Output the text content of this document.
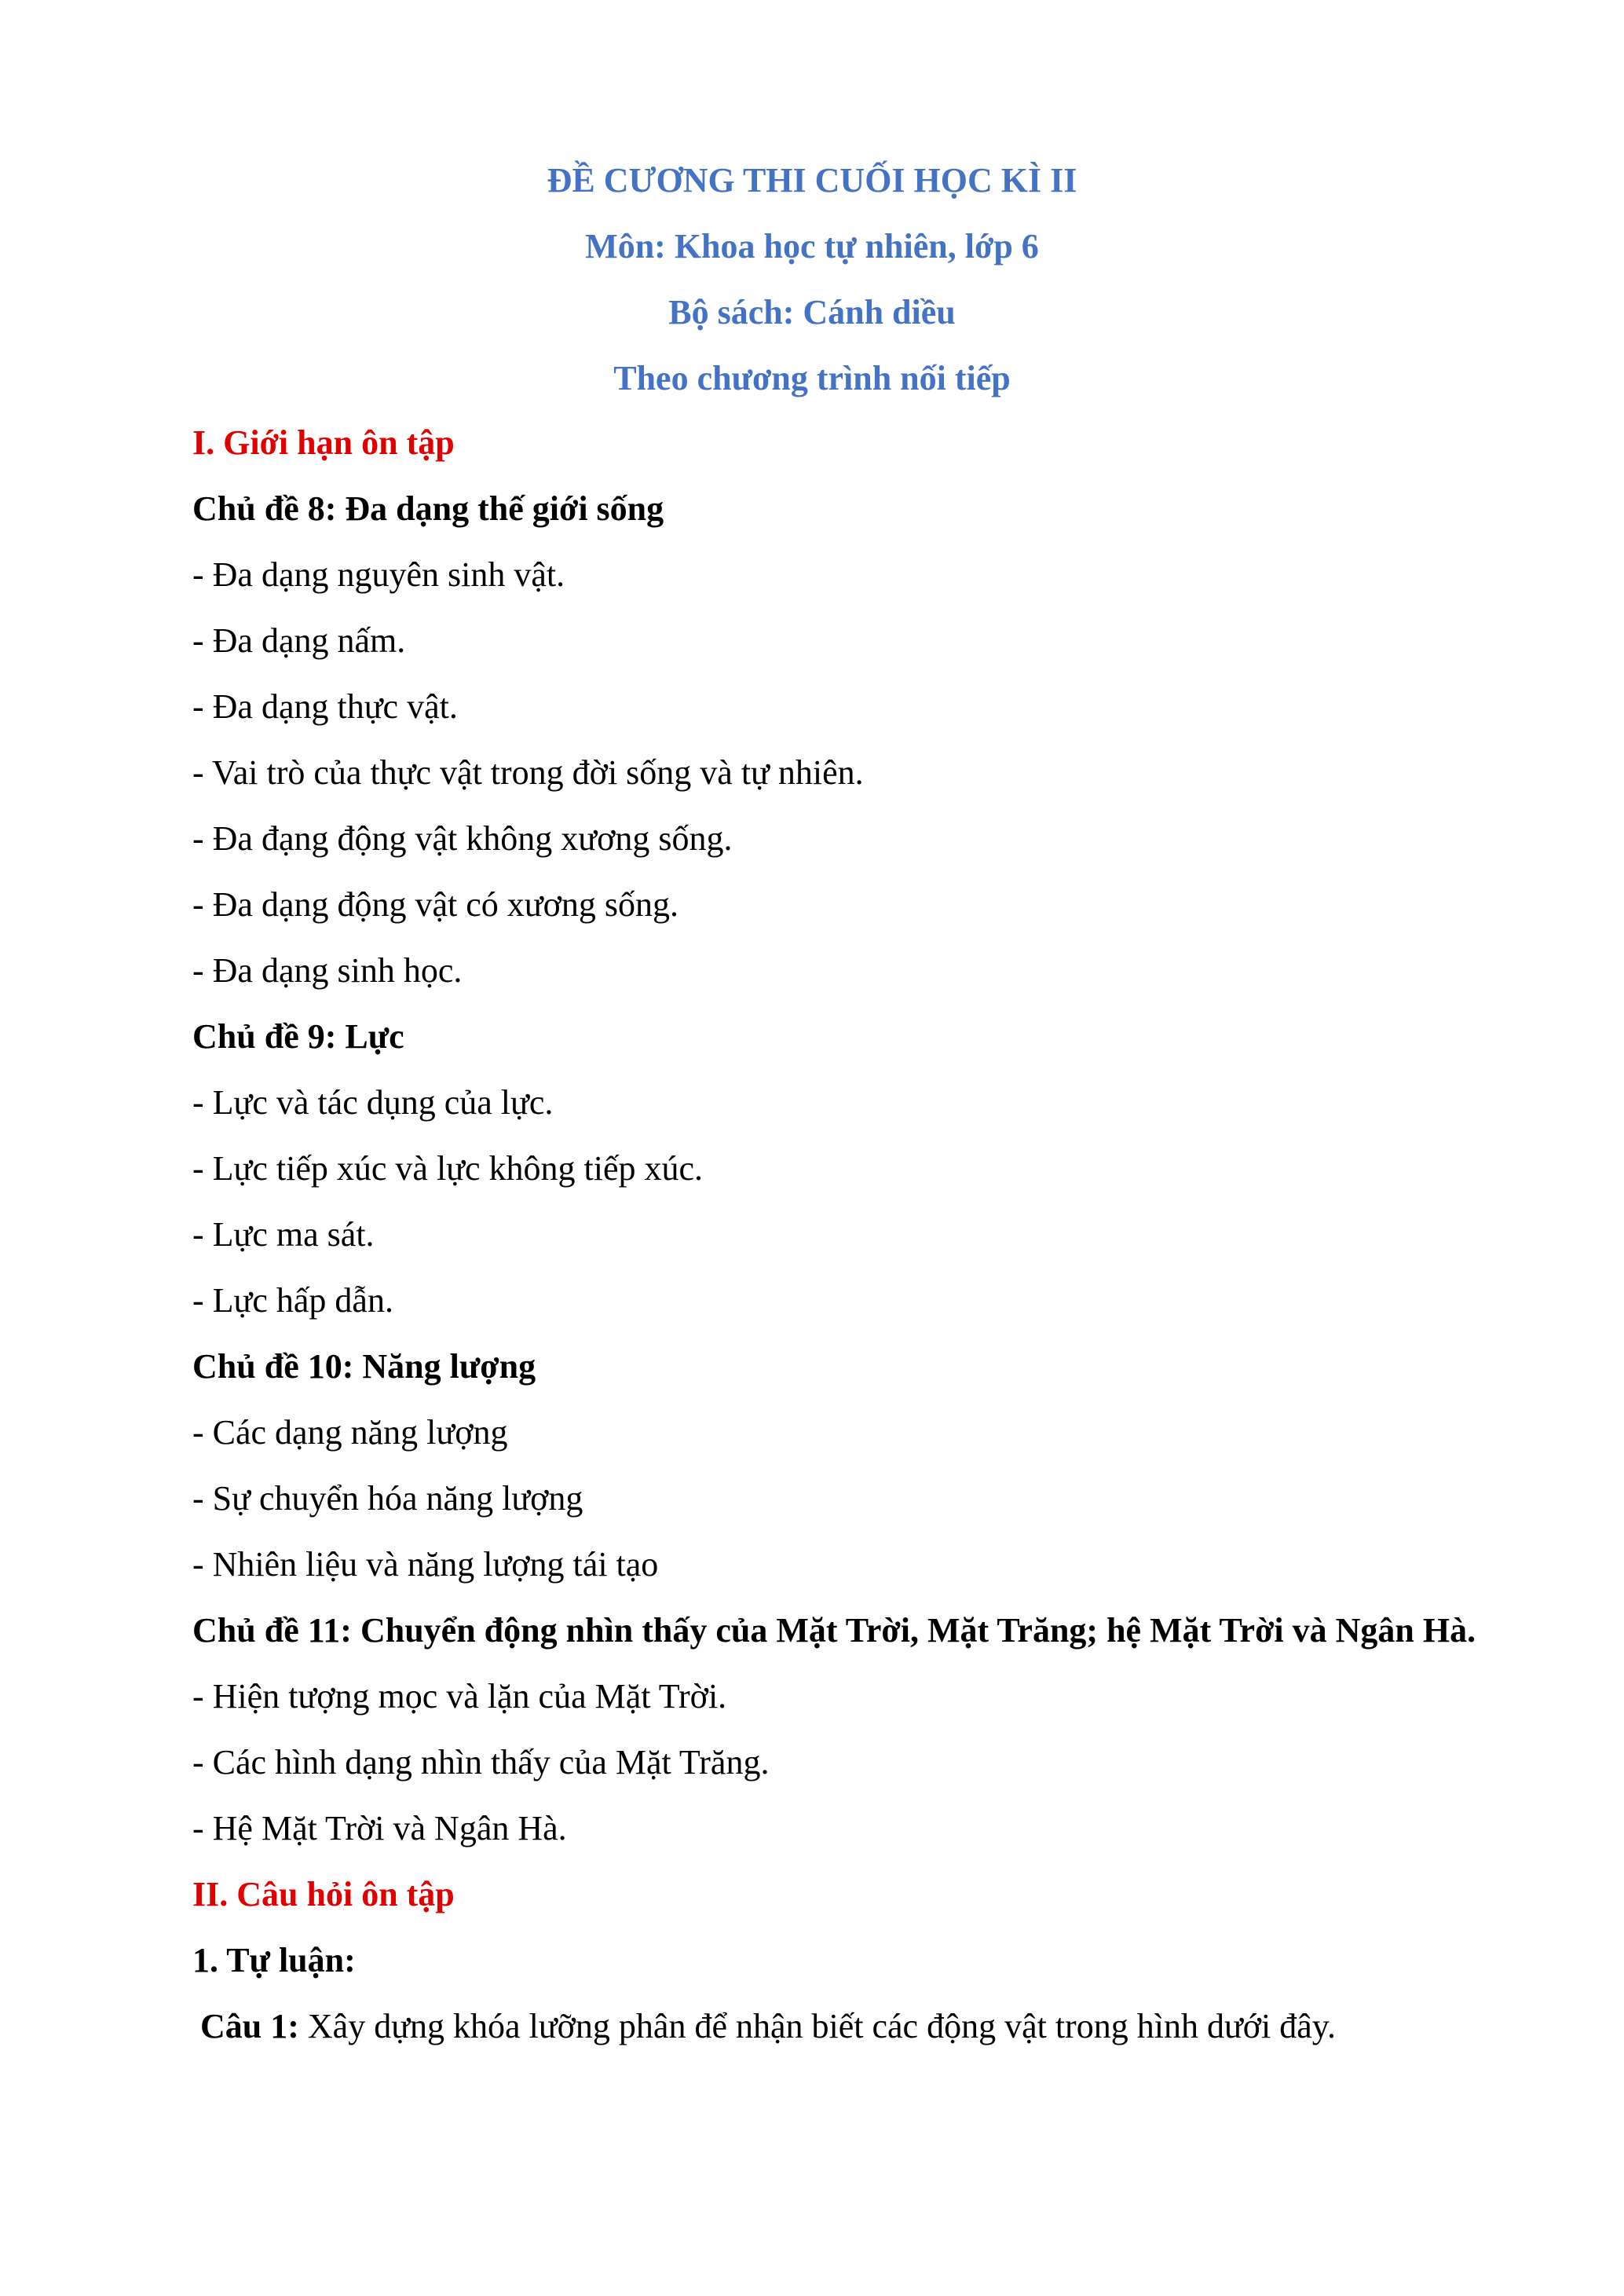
ĐỀ CƯƠNG THI CUỐI HỌC KÌ II
Môn: Khoa học tự nhiên, lớp 6
Bộ sách: Cánh diều
Theo chương trình nối tiếp
I. Giới hạn ôn tập
Chủ đề 8: Đa dạng thế giới sống
- Đa dạng nguyên sinh vật.
- Đa dạng nấm.
- Đa dạng thực vật.
- Vai trò của thực vật trong đời sống và tự nhiên.
- Đa đạng động vật không xương sống.
- Đa dạng động vật có xương sống.
- Đa dạng sinh học.
Chủ đề 9: Lực
- Lực và tác dụng của lực.
- Lực tiếp xúc và lực không tiếp xúc.
- Lực ma sát.
- Lực hấp dẫn.
Chủ đề 10: Năng lượng
- Các dạng năng lượng
- Sự chuyển hóa năng lượng
- Nhiên liệu và năng lượng tái tạo
Chủ đề 11: Chuyển động nhìn thấy của Mặt Trời, Mặt Trăng; hệ Mặt Trời và Ngân Hà.
- Hiện tượng mọc và lặn của Mặt Trời.
- Các hình dạng nhìn thấy của Mặt Trăng.
- Hệ Mặt Trời và Ngân Hà.
II. Câu hỏi ôn tập
1. Tự luận:
Câu 1: Xây dựng khóa lưỡng phân để nhận biết các động vật trong hình dưới đây.
